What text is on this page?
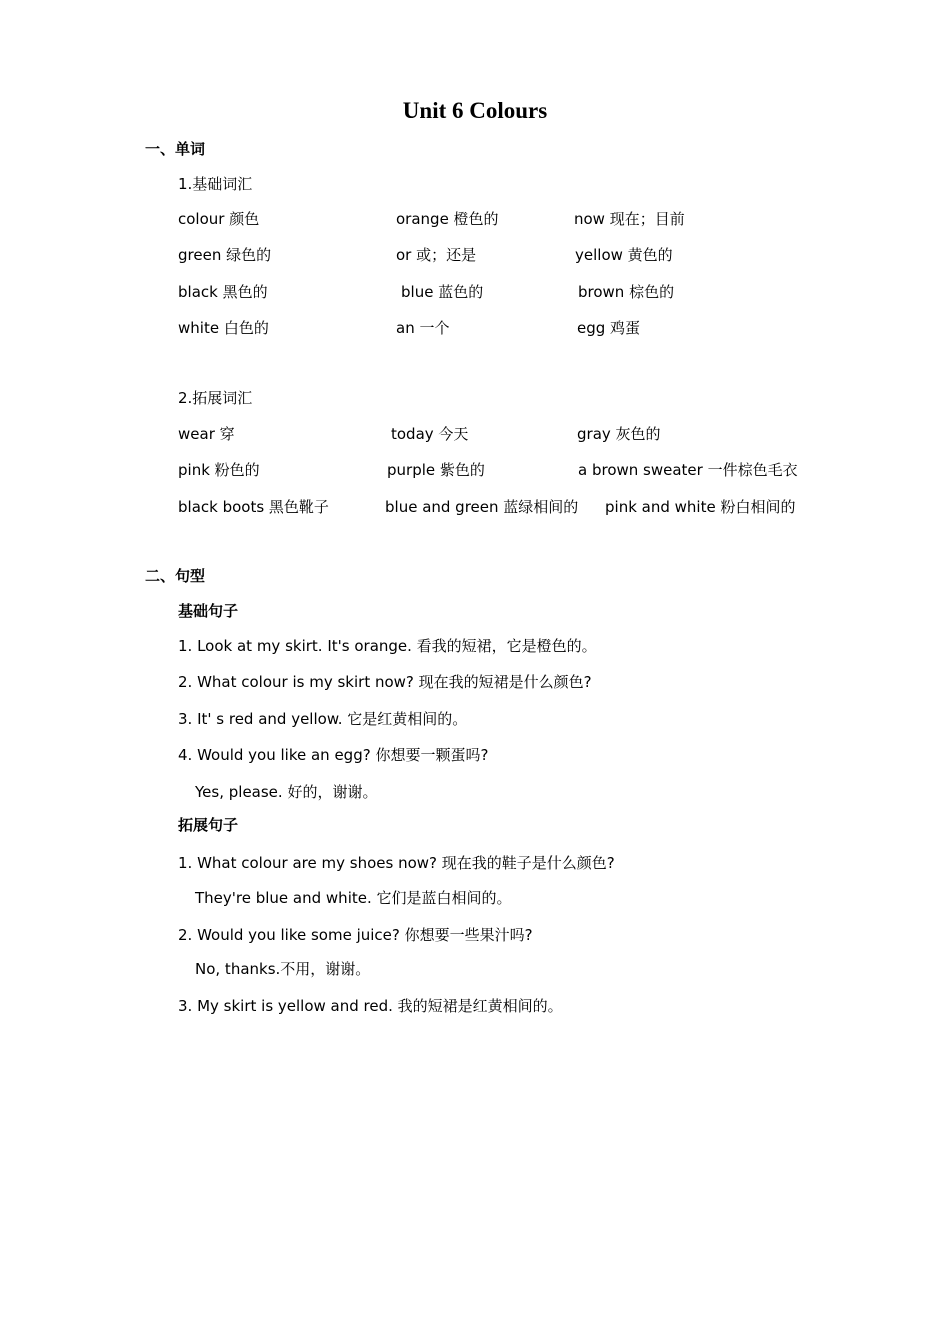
Unit 6 Colours
一、单词
1.基础词汇
colour 颜色	orange 橙色的	now 现在；目前
green 绿色的	or 或；还是	yellow 黄色的
black 黑色的	blue 蓝色的	brown 棕色的
white 白色的	an 一个	egg 鸡蛋
2.拓展词汇
wear 穿	today 今天	gray 灰色的
pink 粉色的	purple 紫色的	a brown sweater 一件棕色毛衣
black boots 黑色靴子	blue and green 蓝绿相间的 pink and white 粉白相间的
二、句型
基础句子
1. Look at my skirt. It's orange. 看我的短裙，它是橙色的。
2. What colour is my skirt now? 现在我的短裙是什么颜色?
3. It' s red and yellow. 它是红黄相间的。
4. Would you like an egg? 你想要一颗蛋吗?
Yes, please. 好的，谢谢。
拓展句子
1. What colour are my shoes now? 现在我的鞋子是什么颜色?
They're blue and white. 它们是蓝白相间的。
2. Would you like some juice? 你想要一些果汁吗?
No, thanks.不用，谢谢。
3. My skirt is yellow and red. 我的短裙是红黄相间的。
